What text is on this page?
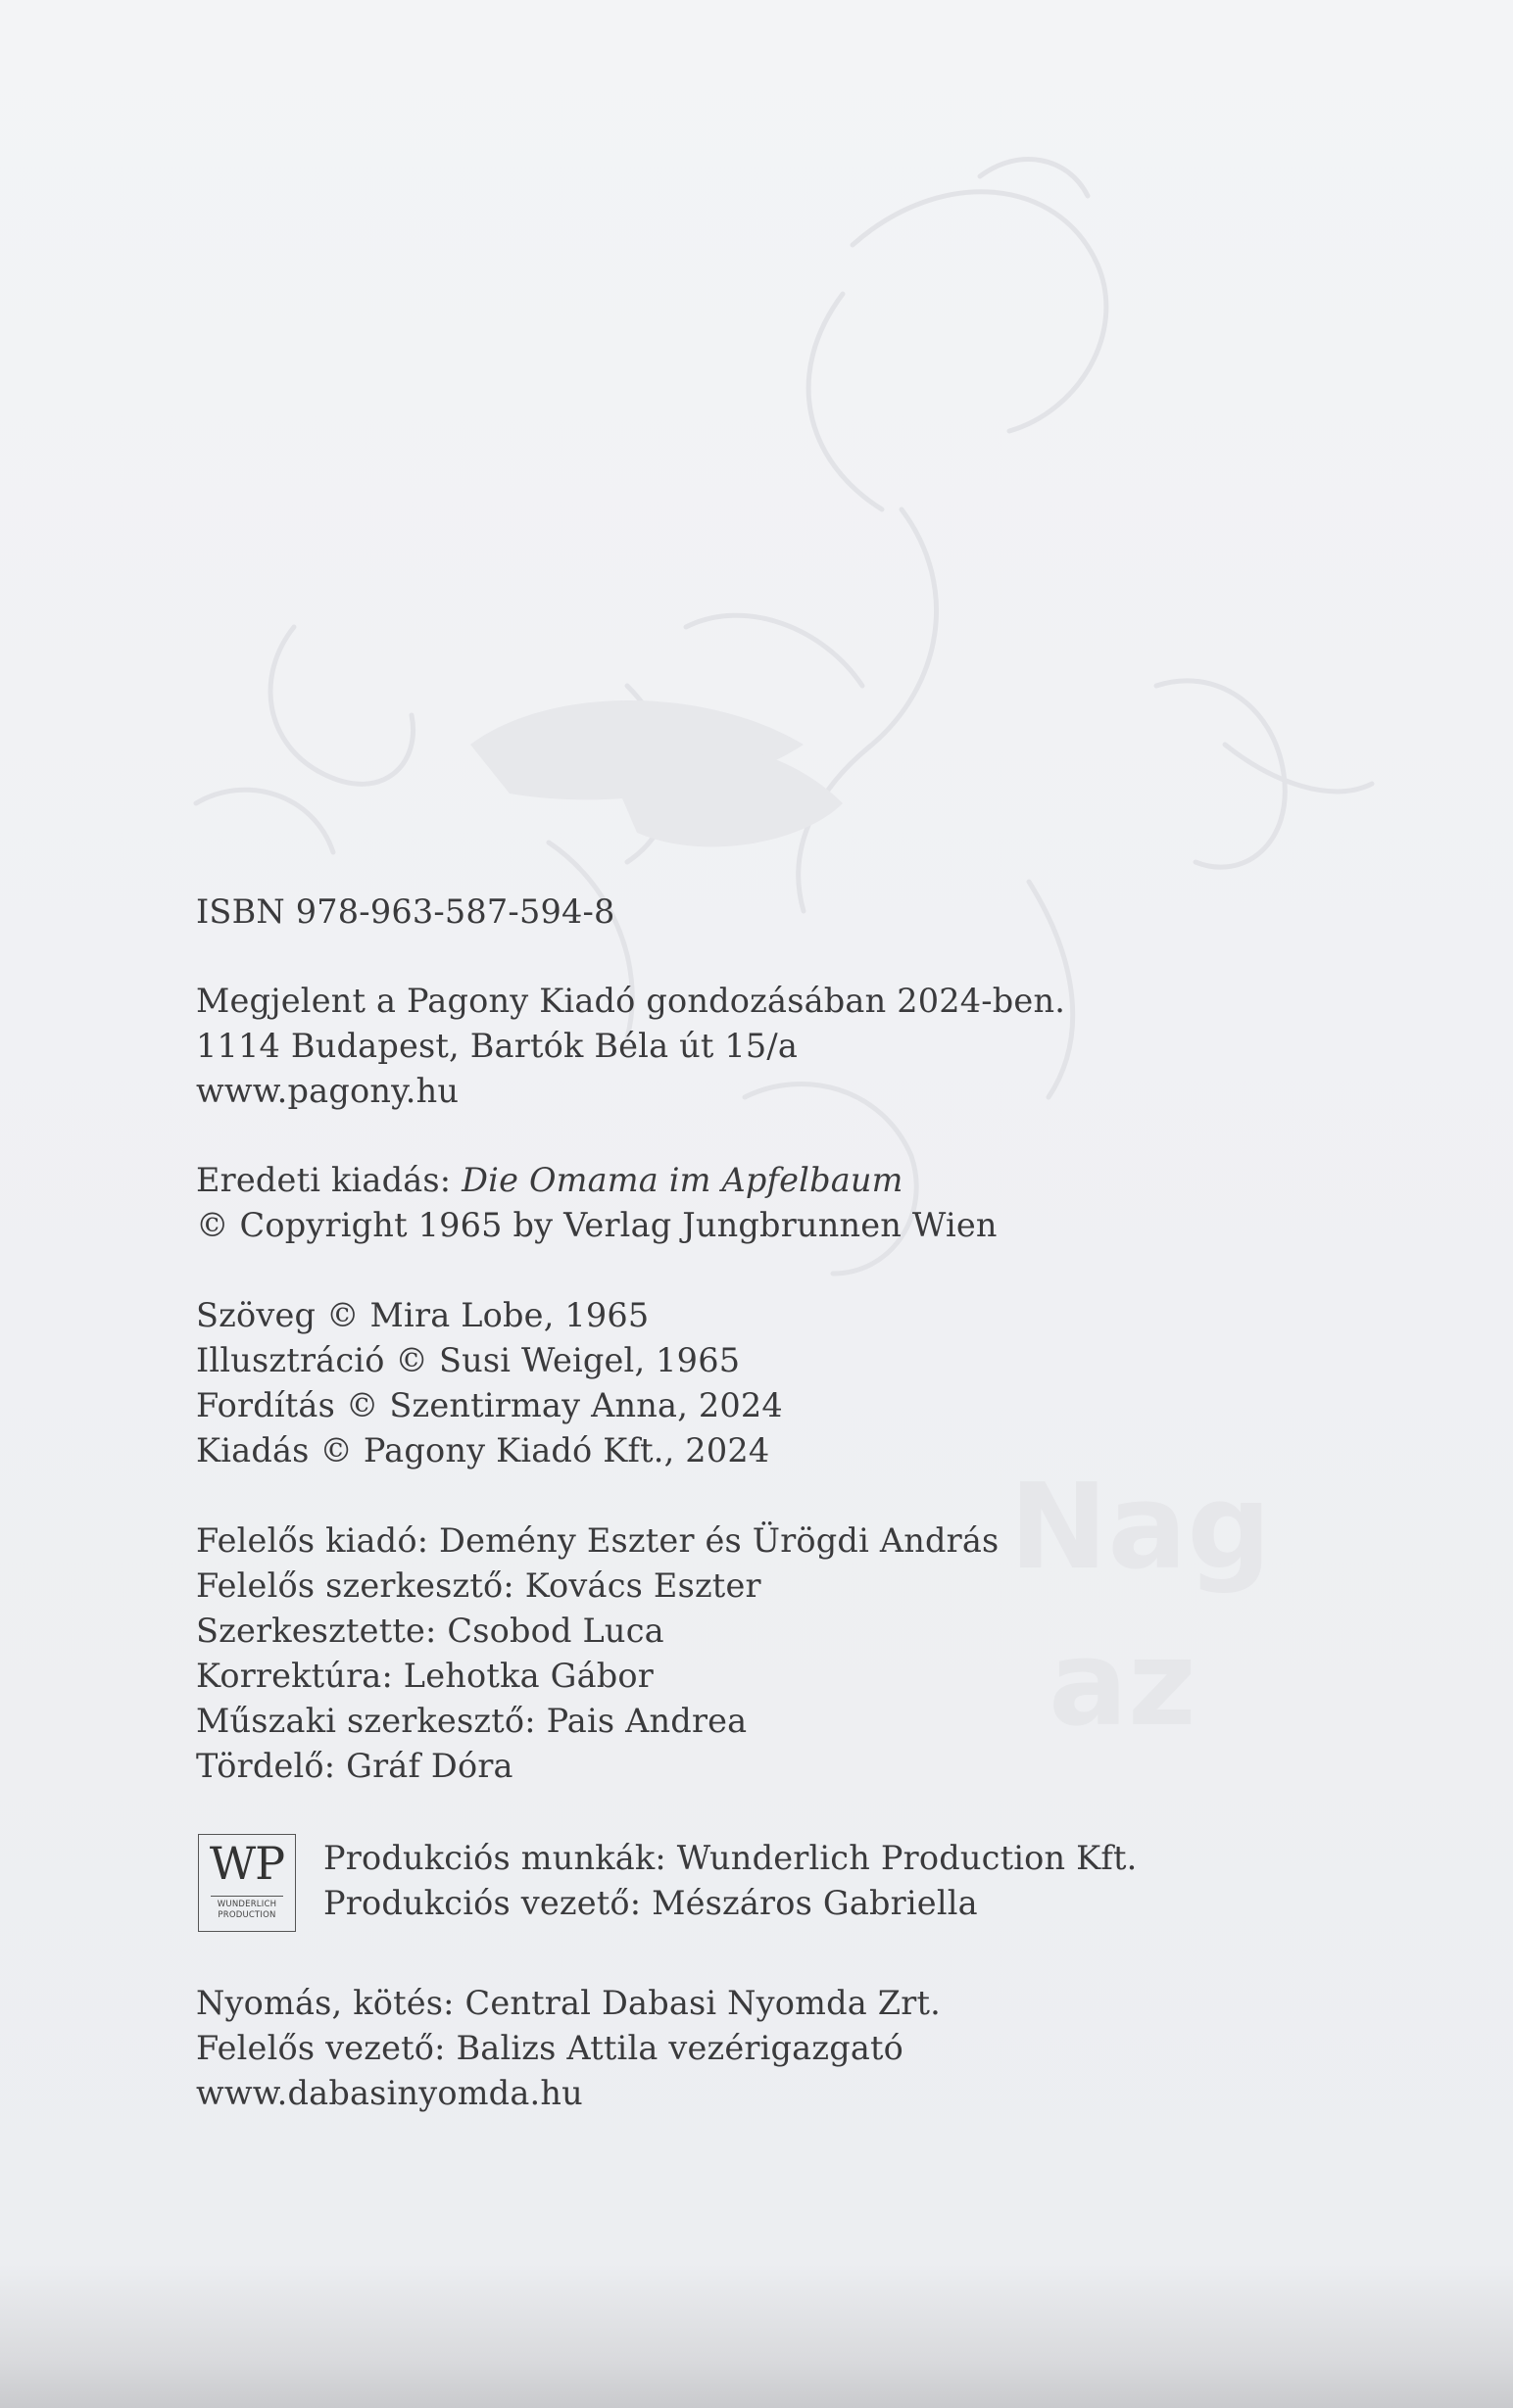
Nag
az
ISBN 978-963-587-594-8
Megjelent a Pagony Kiadó gondozásában 2024-ben.
1114 Budapest, Bartók Béla út 15/a
www.pagony.hu
Eredeti kiadás: Die Omama im Apfelbaum
© Copyright 1965 by Verlag Jungbrunnen Wien
Szöveg © Mira Lobe, 1965
Illusztráció © Susi Weigel, 1965
Fordítás © Szentirmay Anna, 2024
Kiadás © Pagony Kiadó Kft., 2024
Felelős kiadó: Demény Eszter és Ürögdi András
Felelős szerkesztő: Kovács Eszter
Szerkesztette: Csobod Luca
Korrektúra: Lehotka Gábor
Műszaki szerkesztő: Pais Andrea
Tördelő: Gráf Dóra
WP
WUNDERLICH
PRODUCTION
Produkciós munkák: Wunderlich Production Kft.
Produkciós vezető: Mészáros Gabriella
Nyomás, kötés: Central Dabasi Nyomda Zrt.
Felelős vezető: Balizs Attila vezérigazgató
www.dabasinyomda.hu
